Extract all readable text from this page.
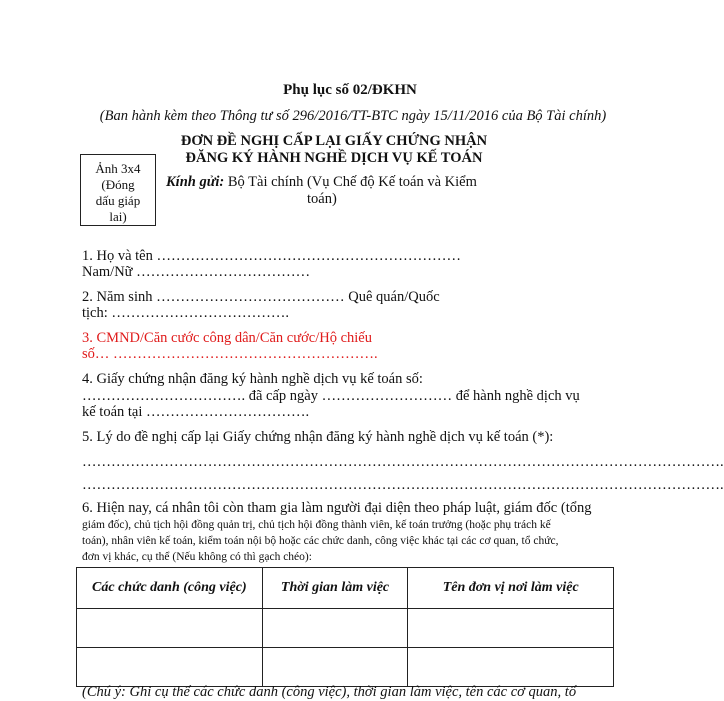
Phụ lục số 02/ĐKHN
(Ban hành kèm theo Thông tư số 296/2016/TT-BTC ngày 15/11/2016 của Bộ Tài chính)
Ảnh 3x4
(Đóng
dấu giáp
lai)
ĐƠN ĐỀ NGHỊ CẤP LẠI GIẤY CHỨNG NHẬN
ĐĂNG KÝ HÀNH NGHỀ DỊCH VỤ KẾ TOÁN
Kính gửi: Bộ Tài chính (Vụ Chế độ Kế toán và Kiểm
toán)
1. Họ và tên ………………………………………………………
Nam/Nữ ………………………………
2. Năm sinh ………………………………… Quê quán/Quốc
tịch: ……………………………….
3. CMND/Căn cước công dân/Căn cước/Hộ chiếu
số… ……………………………………………….
4. Giấy chứng nhận đăng ký hành nghề dịch vụ kế toán số:
……………………………. đã cấp ngày ……………………… để hành nghề dịch vụ
kế toán tại …………………………….
5. Lý do đề nghị cấp lại Giấy chứng nhận đăng ký hành nghề dịch vụ kế toán (*):
…………………………………………………………………………………………………………………….
…………………………………………………………………………………………………………………….
6. Hiện nay, cá nhân tôi còn tham gia làm người đại diện theo pháp luật, giám đốc (tổng
giám đốc), chủ tịch hội đồng quản trị, chủ tịch hội đồng thành viên, kế toán trưởng (hoặc phụ trách kế
toán), nhân viên kế toán, kiểm toán nội bộ hoặc các chức danh, công việc khác tại các cơ quan, tổ chức,
đơn vị khác, cụ thể (Nếu không có thì gạch chéo):
Các chức danh (công việc)	Thời gian làm việc	Tên đơn vị nơi làm việc

(Chú ý: Ghi cụ thể các chức danh (công việc), thời gian làm việc, tên các cơ quan, tổ
